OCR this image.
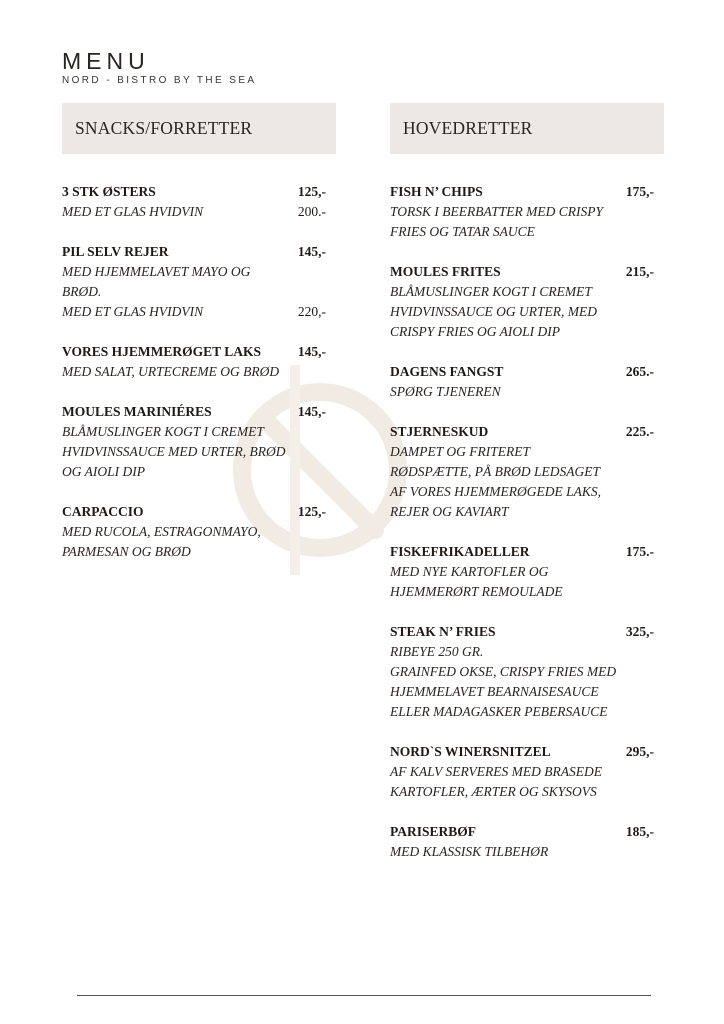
MENU
NORD - BISTRO BY THE SEA
SNACKS/FORRETTER
3 STK ØSTERS	125,-
MED ET GLAS HVIDVIN	200.-
PIL SELV REJER	145,-
MED HJEMMELAVET MAYO OG
BRØD.
MED ET GLAS HVIDVIN	220,-
VORES HJEMMERØGET LAKS	145,-
MED SALAT, URTECREME OG BRØD
MOULES MARINIÉRES	145,-
BLÅMUSLINGER KOGT I CREMET
HVIDVINSSAUCE MED URTER, BRØD
OG AIOLI DIP
CARPACCIO	125,-
MED RUCOLA, ESTRAGONMAYO,
PARMESAN OG BRØD
HOVEDRETTER
FISH N’ CHIPS	175,-
TORSK I BEERBATTER MED CRISPY
FRIES OG TATAR SAUCE
MOULES FRITES	215,-
BLÅMUSLINGER KOGT I CREMET
HVIDVINSSAUCE OG URTER, MED
CRISPY FRIES OG AIOLI DIP
DAGENS FANGST	265.-
SPØRG TJENEREN
STJERNESKUD	225.-
DAMPET OG FRITERET
RØDSPÆTTE, PÅ BRØD LEDSAGET
AF VORES HJEMMERØGEDE LAKS,
REJER OG KAVIART
FISKEFRIKADELLER	175.-
MED NYE KARTOFLER OG
HJEMMERØRT REMOULADE
STEAK N’ FRIES	325,-
RIBEYE 250 GR.
GRAINFED OKSE, CRISPY FRIES MED
HJEMMELAVET BEARNAISESAUCE
ELLER MADAGASKER PEBERSAUCE
NORD`S WINERSNITZEL	295,-
AF KALV SERVERES MED BRASEDE
KARTOFLER, ÆRTER OG SKYSOVS
PARISERBØF	185,-
MED KLASSISK TILBEHØR
